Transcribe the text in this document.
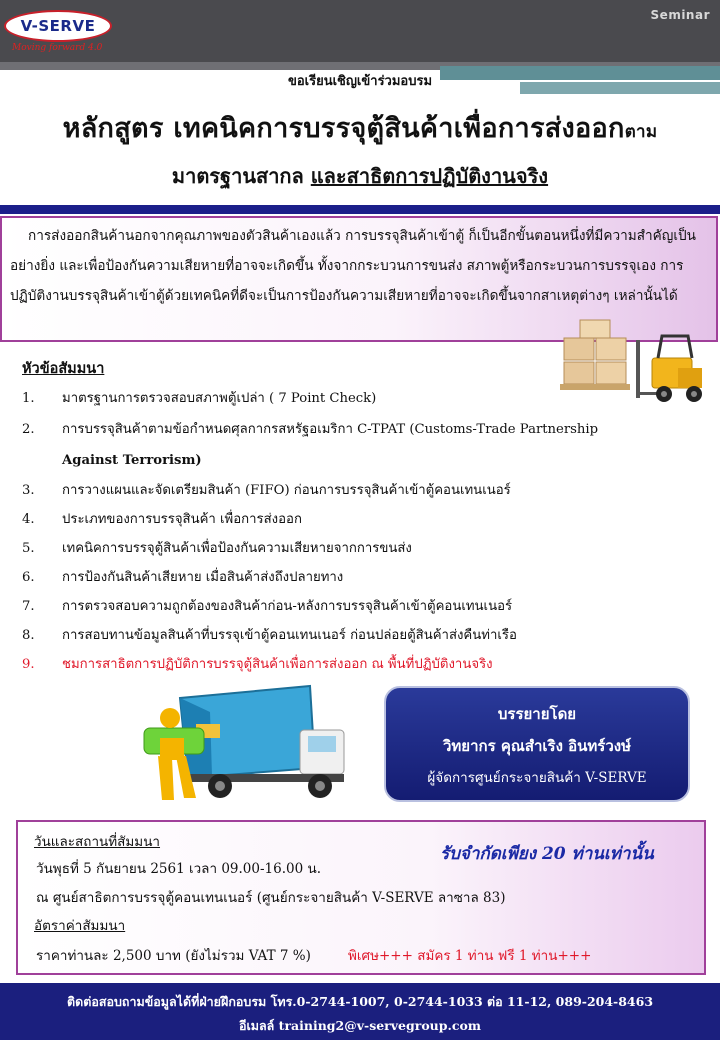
Seminar
V-SERVE
Moving forward 4.0
ขอเรียนเชิญเข้าร่วมอบรม
หลักสูตร เทคนิคการบรรจุตู้สินค้าเพื่อการส่งออกตาม
มาตรฐานสากล และสาธิตการปฏิบัติงานจริง
การส่งออกสินค้านอกจากคุณภาพของตัวสินค้าเองแล้ว การบรรจุสินค้าเข้าตู้ ก็เป็นอีกขั้นตอนหนึ่งที่มีความสำคัญเป็นอย่างยิ่ง และเพื่อป้องกันความเสียหายที่อาจจะเกิดขึ้น ทั้งจากกระบวนการขนส่ง สภาพตู้หรือกระบวนการบรรจุเอง การปฏิบัติงานบรรจุสินค้าเข้าตู้ด้วยเทคนิคที่ดีจะเป็นการป้องกันความเสียหายที่อาจจะเกิดขึ้นจากสาเหตุต่างๆ เหล่านั้นได้
หัวข้อสัมมนา
1. มาตรฐานการตรวจสอบสภาพตู้เปล่า ( 7 Point Check)
2. การบรรจุสินค้าตามข้อกำหนดศุลกากรสหรัฐอเมริกา C-TPAT (Customs-Trade Partnership
Against Terrorism)
3. การวางแผนและจัดเตรียมสินค้า (FIFO) ก่อนการบรรจุสินค้าเข้าตู้คอนเทนเนอร์
4. ประเภทของการบรรจุสินค้า เพื่อการส่งออก
5. เทคนิคการบรรจุตู้สินค้าเพื่อป้องกันความเสียหายจากการขนส่ง
6. การป้องกันสินค้าเสียหาย เมื่อสินค้าส่งถึงปลายทาง
7. การตรวจสอบความถูกต้องของสินค้าก่อน-หลังการบรรจุสินค้าเข้าตู้คอนเทนเนอร์
8. การสอบทานข้อมูลสินค้าที่บรรจุเข้าตู้คอนเทนเนอร์ ก่อนปล่อยตู้สินค้าส่งคืนท่าเรือ
9. ชมการสาธิตการปฏิบัติการบรรจุตู้สินค้าเพื่อการส่งออก ณ พื้นที่ปฏิบัติงานจริง
บรรยายโดย
วิทยากร คุณสำเริง อินทร์วงษ์
ผู้จัดการศูนย์กระจายสินค้า V-SERVE
วันและสถานที่สัมมนา
วันพุธที่ 5 กันยายน 2561 เวลา 09.00-16.00 น.
ณ ศูนย์สาธิตการบรรจุตู้คอนเทนเนอร์ (ศูนย์กระจายสินค้า V-SERVE ลาซาล 83)
อัตราค่าสัมมนา
ราคาท่านละ 2,500 บาท (ยังไม่รวม VAT 7 %)	พิเศษ+++ สมัคร 1 ท่าน ฟรี 1 ท่าน+++
รับจำกัดเพียง 20 ท่านเท่านั้น
ติดต่อสอบถามข้อมูลได้ที่ฝ่ายฝึกอบรม โทร.0-2744-1007, 0-2744-1033 ต่อ 11-12, 089-204-8463
อีเมลล์ training2@v-servegroup.com
